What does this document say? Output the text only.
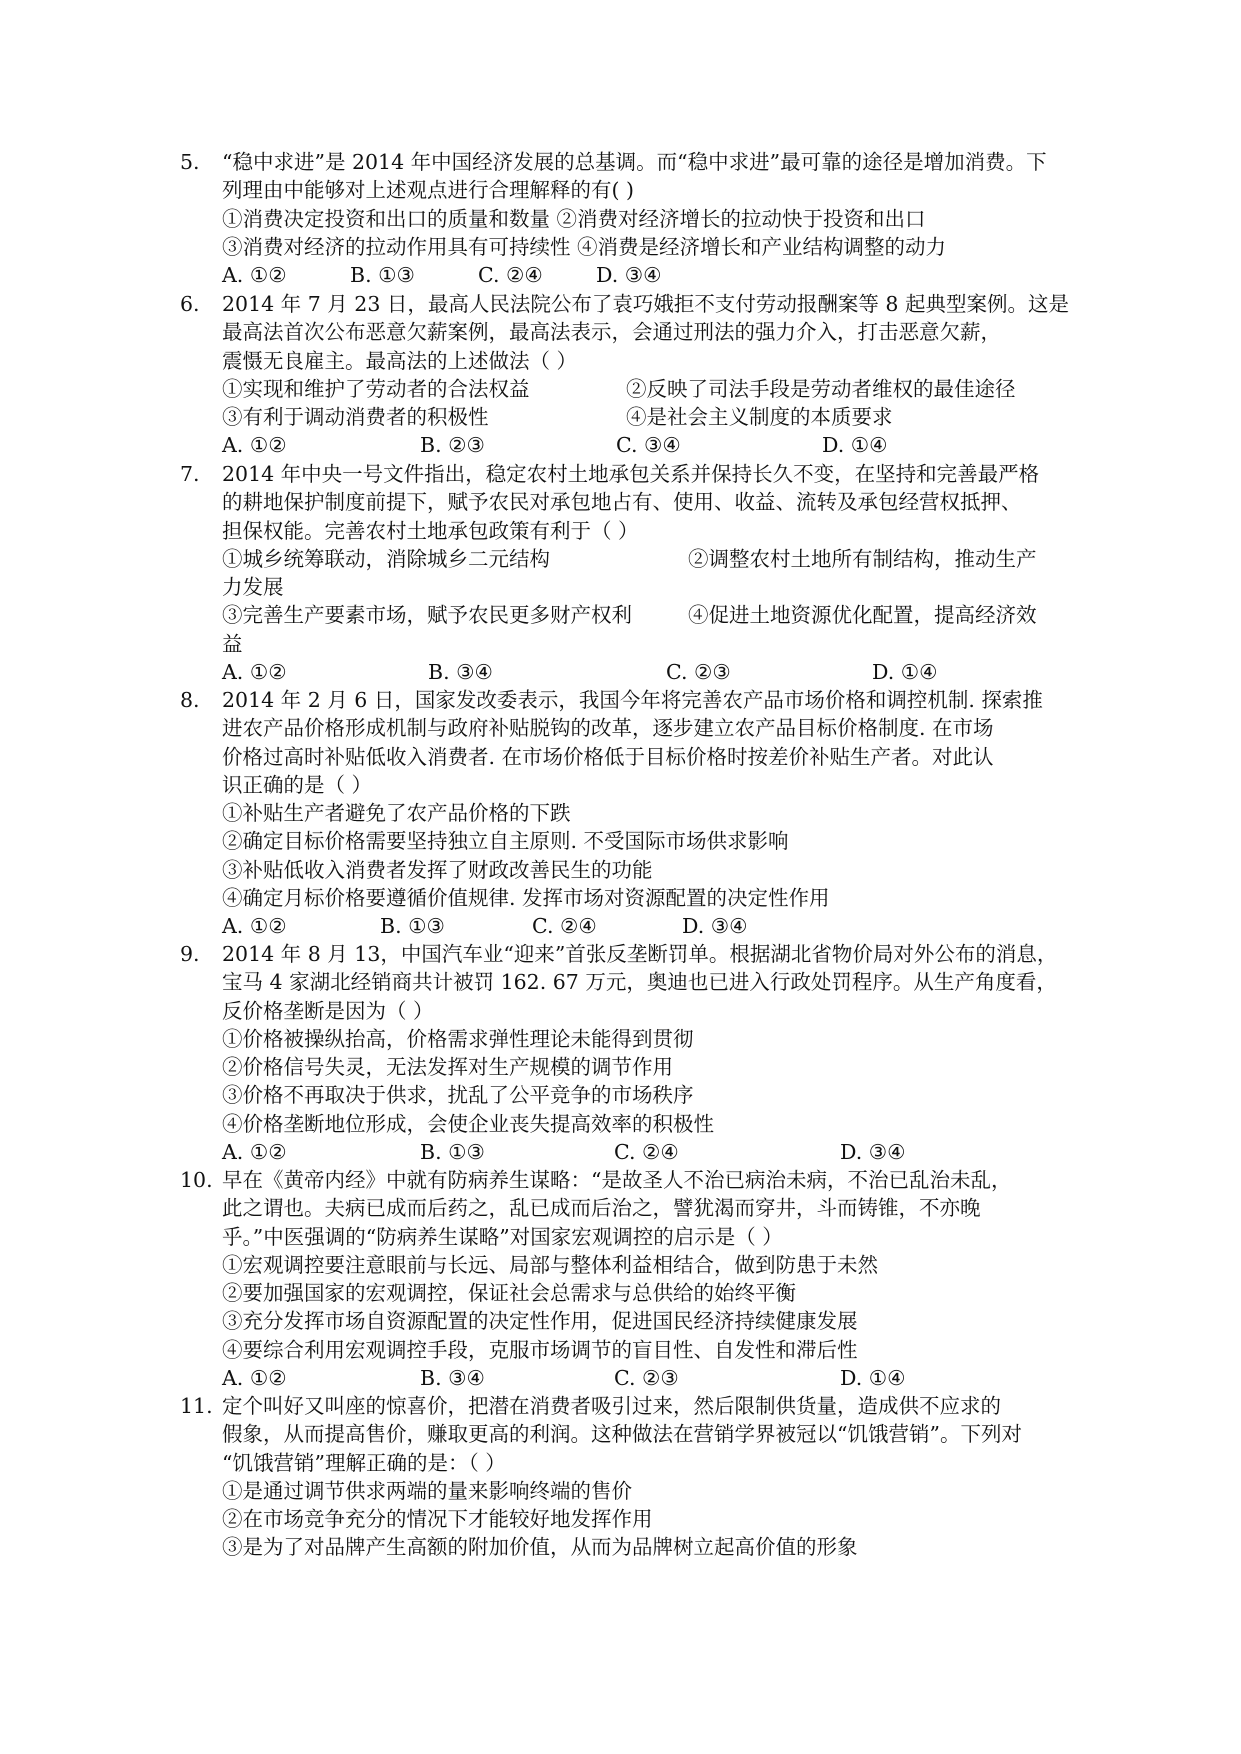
5.	“稳中求进”是 2014 年中国经济发展的总基调。而“稳中求进”最可靠的途径是增加消费。下
列理由中能够对上述观点进行合理解释的有( )
①消费决定投资和出口的质量和数量 ②消费对经济增长的拉动快于投资和出口
③消费对经济的拉动作用具有可持续性 ④消费是经济增长和产业结构调整的动力
A. ①②	B. ①③	C. ②④	D. ③④
6.	2014 年 7 月 23 日，最高人民法院公布了袁巧娥拒不支付劳动报酬案等 8 起典型案例。这是
最高法首次公布恶意欠薪案例，最高法表示，会通过刑法的强力介入，打击恶意欠薪，
震慑无良雇主。最高法的上述做法（ ）
①实现和维护了劳动者的合法权益	②反映了司法手段是劳动者维权的最佳途径
③有利于调动消费者的积极性	④是社会主义制度的本质要求
A. ①②	B. ②③	C. ③④	D. ①④
7.	2014 年中央一号文件指出，稳定农村土地承包关系并保持长久不变，在坚持和完善最严格
的耕地保护制度前提下，赋予农民对承包地占有、使用、收益、流转及承包经营权抵押、
担保权能。完善农村土地承包政策有利于（ ）
①城乡统筹联动，消除城乡二元结构	②调整农村土地所有制结构，推动生产
力发展
③完善生产要素市场，赋予农民更多财产权利	④促进土地资源优化配置，提高经济效
益
A. ①②	B. ③④	C. ②③	D. ①④
8.	2014 年 2 月 6 日，国家发改委表示，我国今年将完善农产品市场价格和调控机制. 探索推
进农产品价格形成机制与政府补贴脱钩的改革，逐步建立农产品目标价格制度. 在市场
价格过高时补贴低收入消费者. 在市场价格低于目标价格时按差价补贴生产者。对此认
识正确的是（ ）
①补贴生产者避免了农产品价格的下跌
②确定目标价格需要坚持独立自主原则. 不受国际市场供求影响
③补贴低收入消费者发挥了财政改善民生的功能
④确定月标价格要遵循价值规律. 发挥市场对资源配置的决定性作用
A. ①②	B. ①③	C. ②④	D. ③④
9.	2014 年 8 月 13，中国汽车业“迎来”首张反垄断罚单。根据湖北省物价局对外公布的消息，
宝马 4 家湖北经销商共计被罚 162. 67 万元，奥迪也已进入行政处罚程序。从生产角度看，
反价格垄断是因为（ ）
①价格被操纵抬高，价格需求弹性理论未能得到贯彻
②价格信号失灵，无法发挥对生产规模的调节作用
③价格不再取决于供求，扰乱了公平竞争的市场秩序
④价格垄断地位形成，会使企业丧失提高效率的积极性
A. ①②	B. ①③	C. ②④	D. ③④
10. 早在《黄帝内经》中就有防病养生谋略：“是故圣人不治已病治未病，不治已乱治未乱，
此之谓也。夫病已成而后药之，乱已成而后治之，譬犹渴而穿井，斗而铸锥，不亦晚
乎。”中医强调的“防病养生谋略”对国家宏观调控的启示是（ ）
①宏观调控要注意眼前与长远、局部与整体利益相结合，做到防患于未然
②要加强国家的宏观调控，保证社会总需求与总供给的始终平衡
③充分发挥市场自资源配置的决定性作用，促进国民经济持续健康发展
④要综合利用宏观调控手段，克服市场调节的盲目性、自发性和滞后性
A. ①②	B. ③④	C. ②③	D. ①④
11. 定个叫好又叫座的惊喜价，把潜在消费者吸引过来，然后限制供货量，造成供不应求的
假象，从而提高售价，赚取更高的利润。这种做法在营销学界被冠以“饥饿营销”。下列对
“饥饿营销”理解正确的是：（ ）
①是通过调节供求两端的量来影响终端的售价
②在市场竞争充分的情况下才能较好地发挥作用
③是为了对品牌产生高额的附加价值，从而为品牌树立起高价值的形象
